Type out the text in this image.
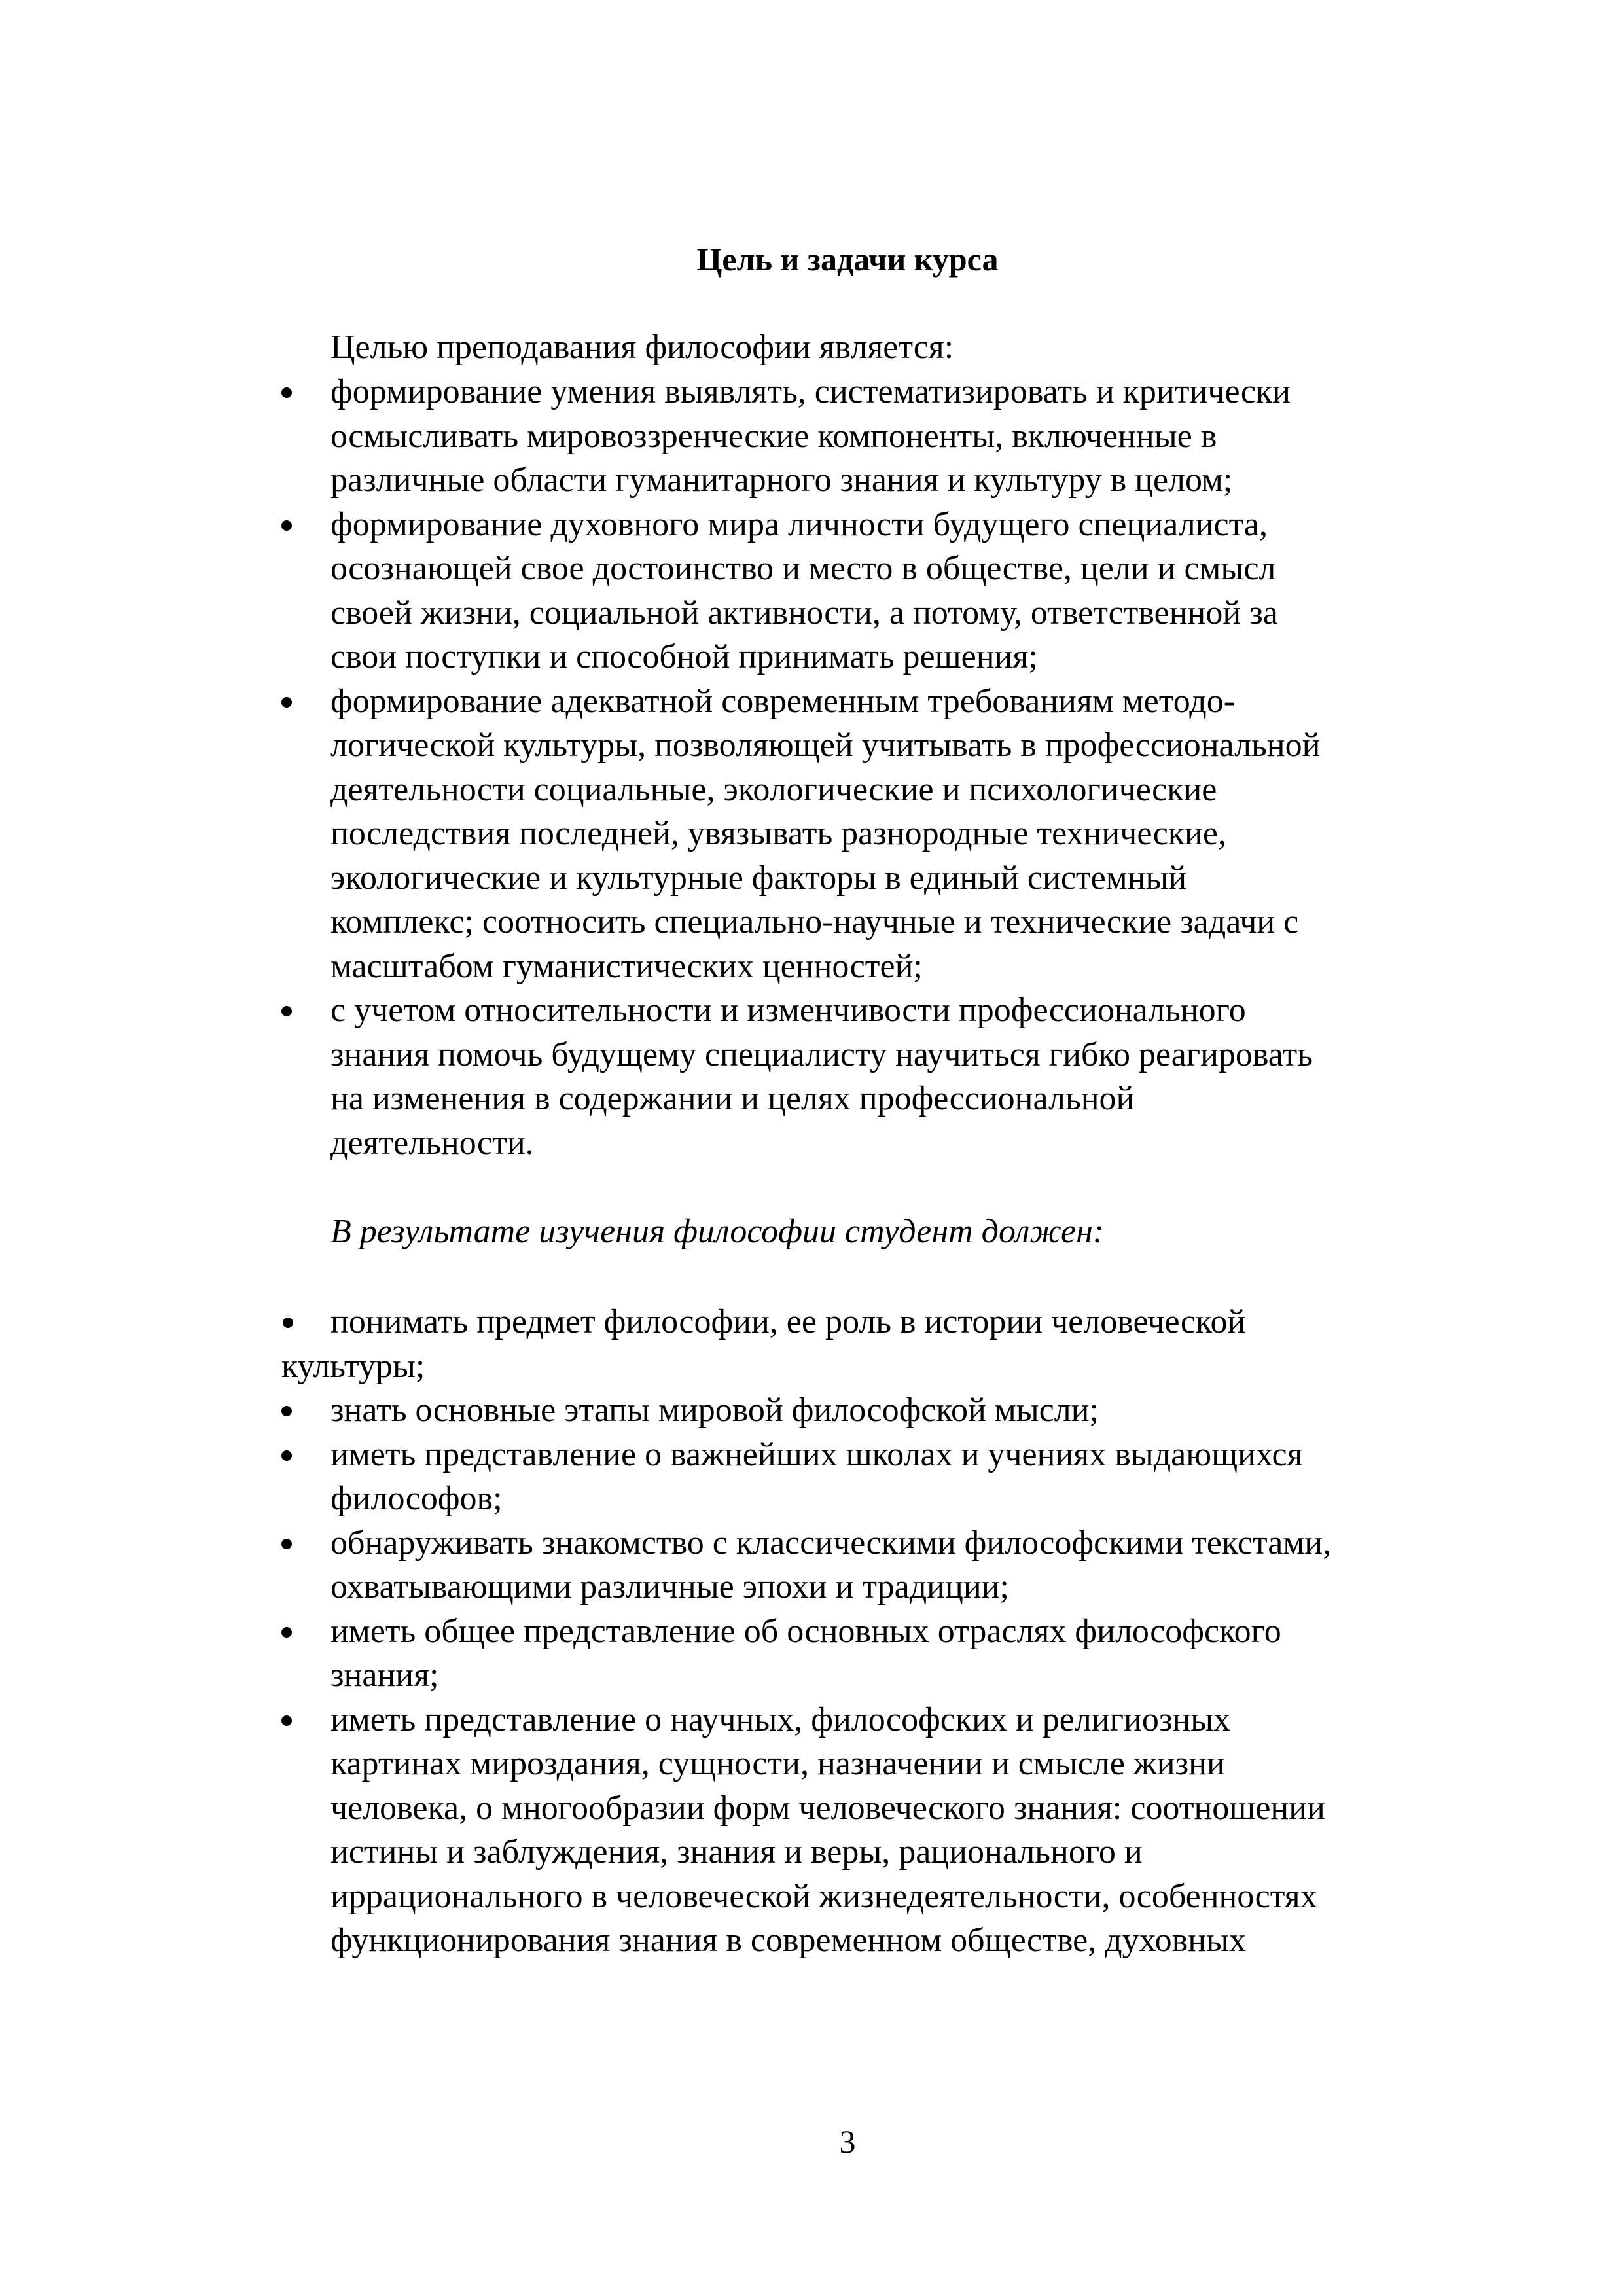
Цель и задачи курса

Целью преподавания философии является:

формирование умения выявлять, систематизировать и критически
осмысливать мировоззренческие компоненты, включенные в
различные области гуманитарного знания и культуру в целом;
формирование духовного мира личности будущего специалиста,
осознающей свое достоинство и место в обществе, цели и смысл
своей жизни, социальной активности, а потому, ответственной за
свои поступки и способной принимать решения;
формирование адекватной современным требованиям методо-
логической культуры, позволяющей учитывать в профессиональной
деятельности социальные, экологические и психологические
последствия последней, увязывать разнородные технические,
экологические и культурные факторы в единый системный
комплекс; соотносить специально-научные и технические задачи с
масштабом гуманистических ценностей;
с учетом относительности и изменчивости профессионального
знания помочь будущему специалисту научиться гибко реагировать
на изменения в содержании и целях профессиональной
деятельности.

В результате изучения философии студент должен:

понимать предмет философии, ее роль в истории человеческой
культуры;
знать основные этапы мировой философской мысли;
иметь представление о важнейших школах и учениях выдающихся
философов;
обнаруживать знакомство с классическими философскими текстами,
охватывающими различные эпохи и традиции;
иметь общее представление об основных отраслях философского
знания;
иметь представление о научных, философских и религиозных
картинах мироздания, сущности, назначении и смысле жизни
человека, о многообразии форм человеческого знания: соотношении
истины и заблуждения, знания и веры, рационального и
иррационального в человеческой жизнедеятельности, особенностях
функционирования знания в современном обществе, духовных

3
